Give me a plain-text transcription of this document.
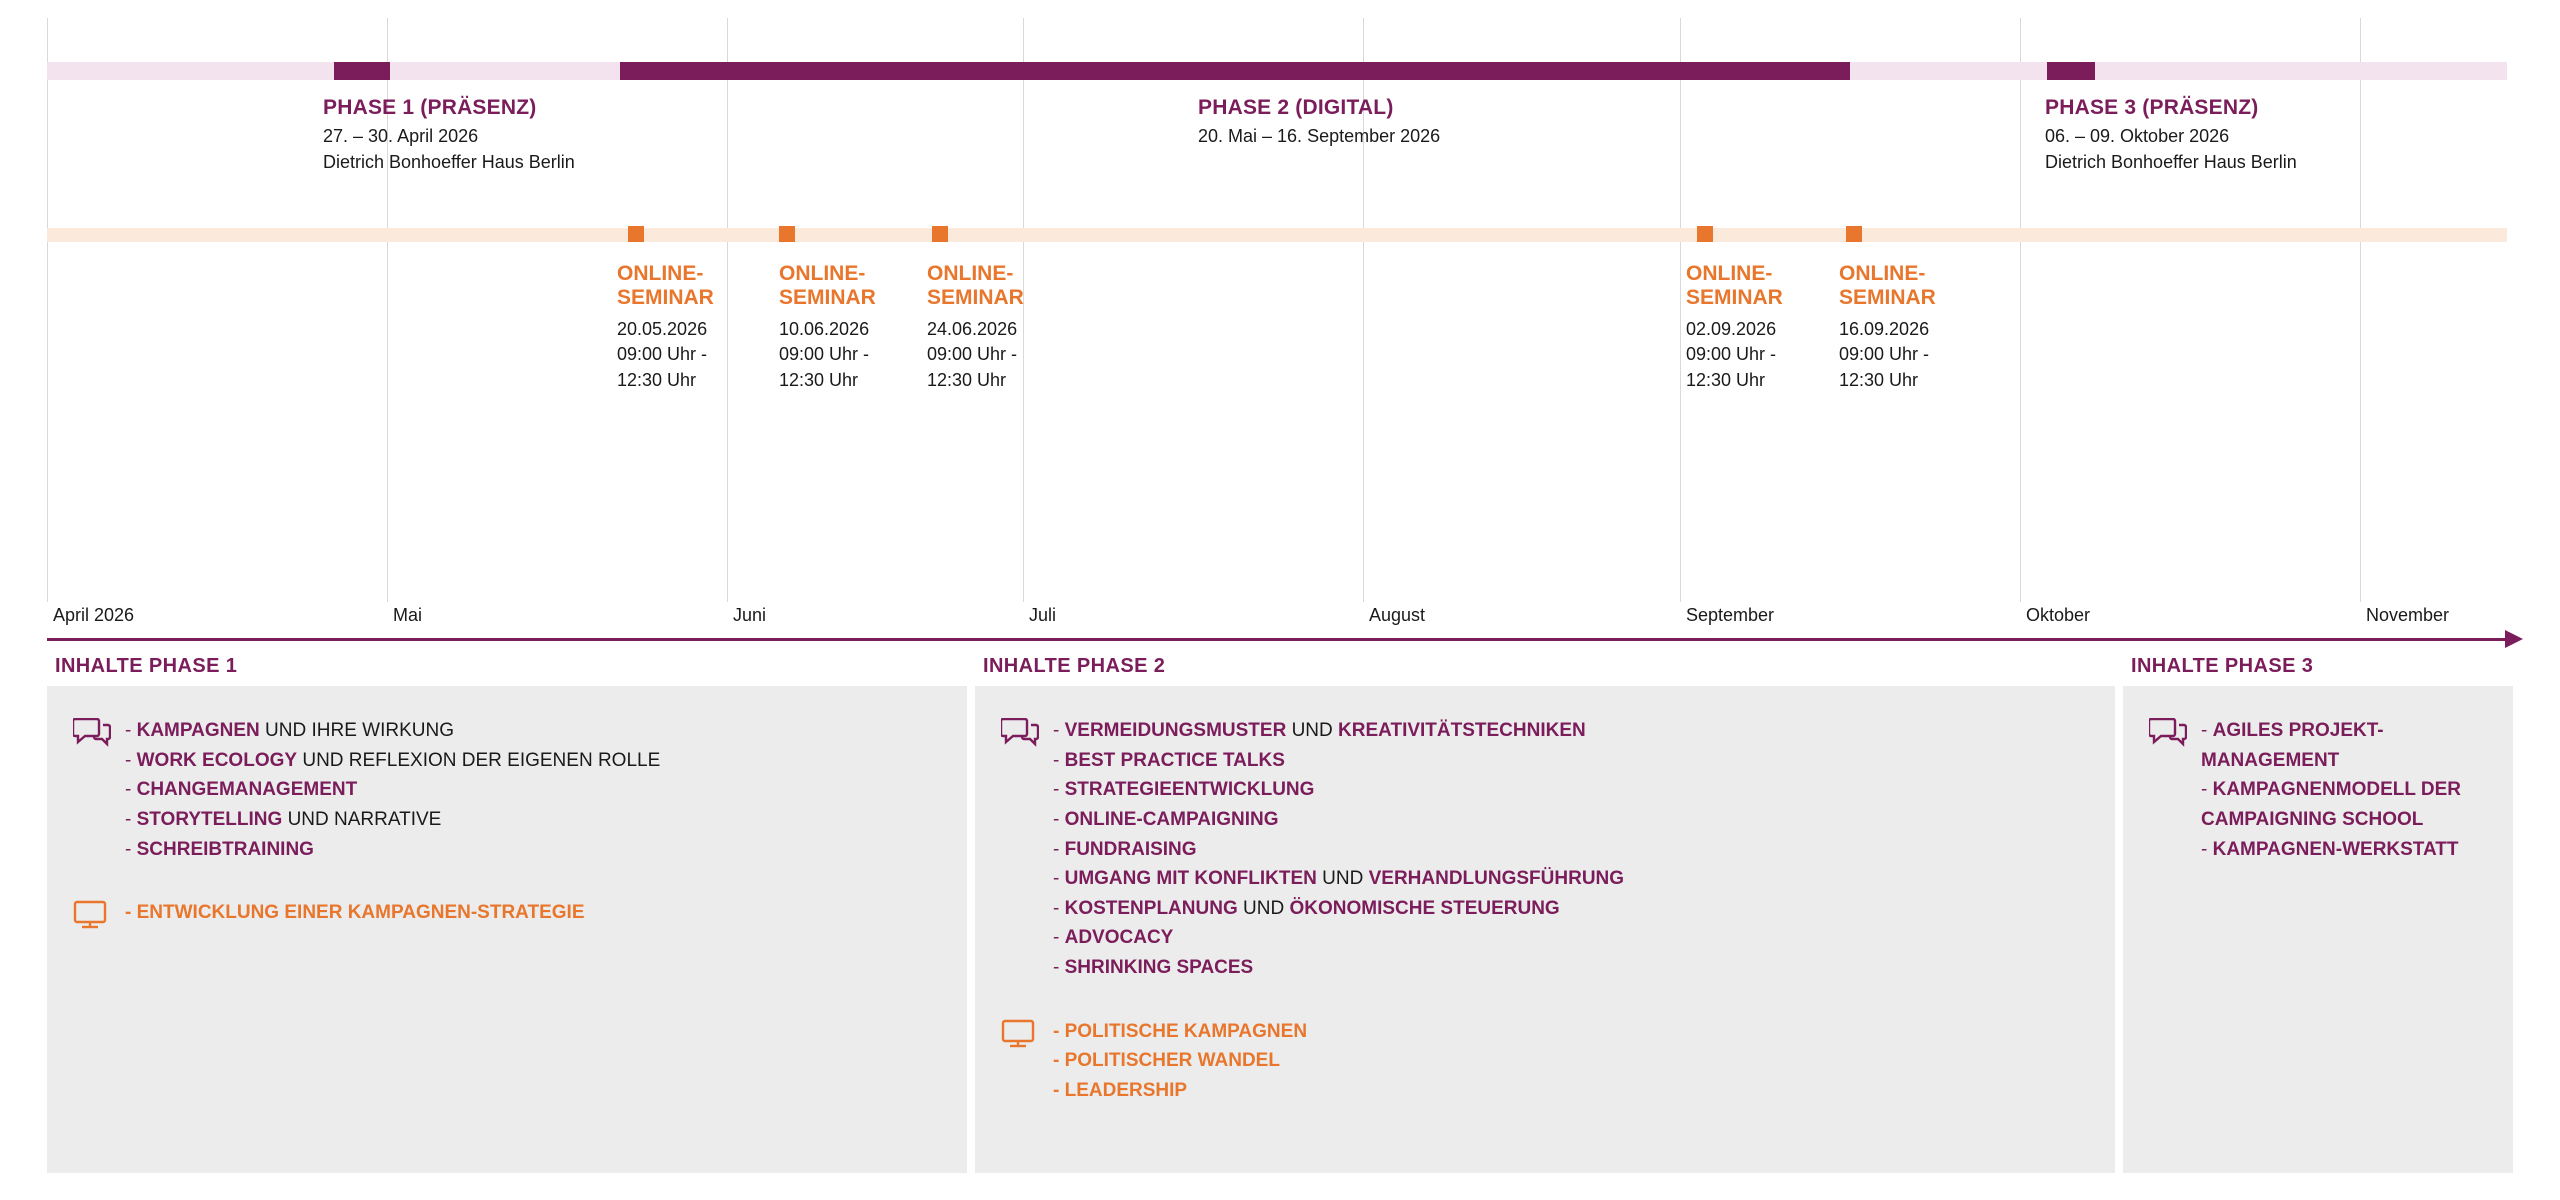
PHASE 1 (PRÄSENZ)
27. – 30. April 2026
Dietrich Bonhoeffer Haus Berlin
PHASE 2 (DIGITAL)
20. Mai – 16. September 2026
PHASE 3 (PRÄSENZ)
06. – 09. Oktober 2026
Dietrich Bonhoeffer Haus Berlin
ONLINE-
SEMINAR
20.05.2026
09:00 Uhr -
12:30 Uhr
ONLINE-
SEMINAR
10.06.2026
09:00 Uhr -
12:30 Uhr
ONLINE-
SEMINAR
24.06.2026
09:00 Uhr -
12:30 Uhr
ONLINE-
SEMINAR
02.09.2026
09:00 Uhr -
12:30 Uhr
ONLINE-
SEMINAR
16.09.2026
09:00 Uhr -
12:30 Uhr
April 2026	Mai	Juni	Juli	August	September	Oktober	November
INHALTE PHASE 1
- KAMPAGNEN UND IHRE WIRKUNG
- WORK ECOLOGY UND REFLEXION DER EIGENEN ROLLE
- CHANGEMANAGEMENT
- STORYTELLING UND NARRATIVE
- SCHREIBTRAINING
- ENTWICKLUNG EINER KAMPAGNEN-STRATEGIE
INHALTE PHASE 2
- VERMEIDUNGSMUSTER UND KREATIVITÄTSTECHNIKEN
- BEST PRACTICE TALKS
- STRATEGIEENTWICKLUNG
- ONLINE-CAMPAIGNING
- FUNDRAISING
- UMGANG MIT KONFLIKTEN UND VERHANDLUNGSFÜHRUNG
- KOSTENPLANUNG UND ÖKONOMISCHE STEUERUNG
- ADVOCACY
- SHRINKING SPACES
- POLITISCHE KAMPAGNEN
- POLITISCHER WANDEL
- LEADERSHIP
INHALTE PHASE 3
- AGILES PROJEKT-
MANAGEMENT
- KAMPAGNENMODELL DER
CAMPAIGNING SCHOOL
- KAMPAGNEN-WERKSTATT
